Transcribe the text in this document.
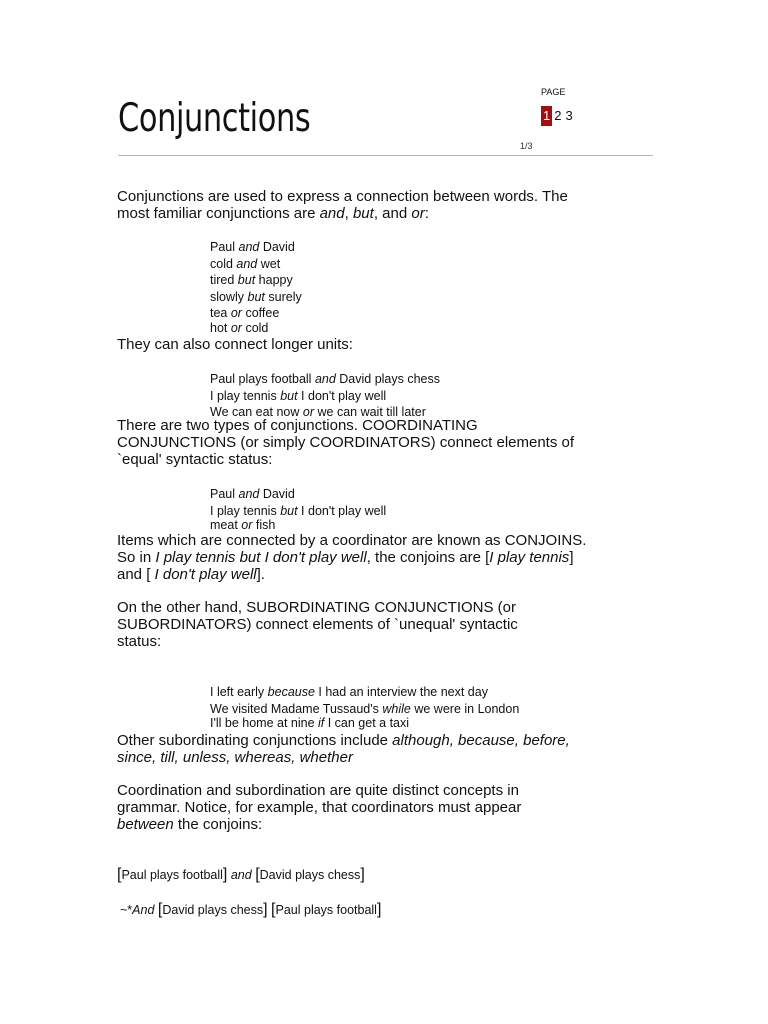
Conjunctions
PAGE
1 2 3
1/3
Conjunctions are used to express a connection between words. The most familiar conjunctions are and, but, and or:
Paul and David
cold and wet
tired but happy
slowly but surely
tea or coffee
hot or cold
They can also connect longer units:
Paul plays football and David plays chess
I play tennis but I don't play well
We can eat now or we can wait till later
There are two types of conjunctions. COORDINATING CONJUNCTIONS (or simply COORDINATORS) connect elements of `equal' syntactic status:
Paul and David
I play tennis but I don't play well
meat or fish
Items which are connected by a coordinator are known as CONJOINS. So in I play tennis but I don't play well, the conjoins are [I play tennis] and [ I don't play well].
On the other hand, SUBORDINATING CONJUNCTIONS (or SUBORDINATORS) connect elements of `unequal' syntactic status:
I left early because I had an interview the next day
We visited Madame Tussaud's while we were in London
I'll be home at nine if I can get a taxi
Other subordinating conjunctions include although, because, before, since, till, unless, whereas, whether
Coordination and subordination are quite distinct concepts in grammar. Notice, for example, that coordinators must appear between the conjoins:
[Paul plays football] and [David plays chess]
~*And [David plays chess] [Paul plays football]
